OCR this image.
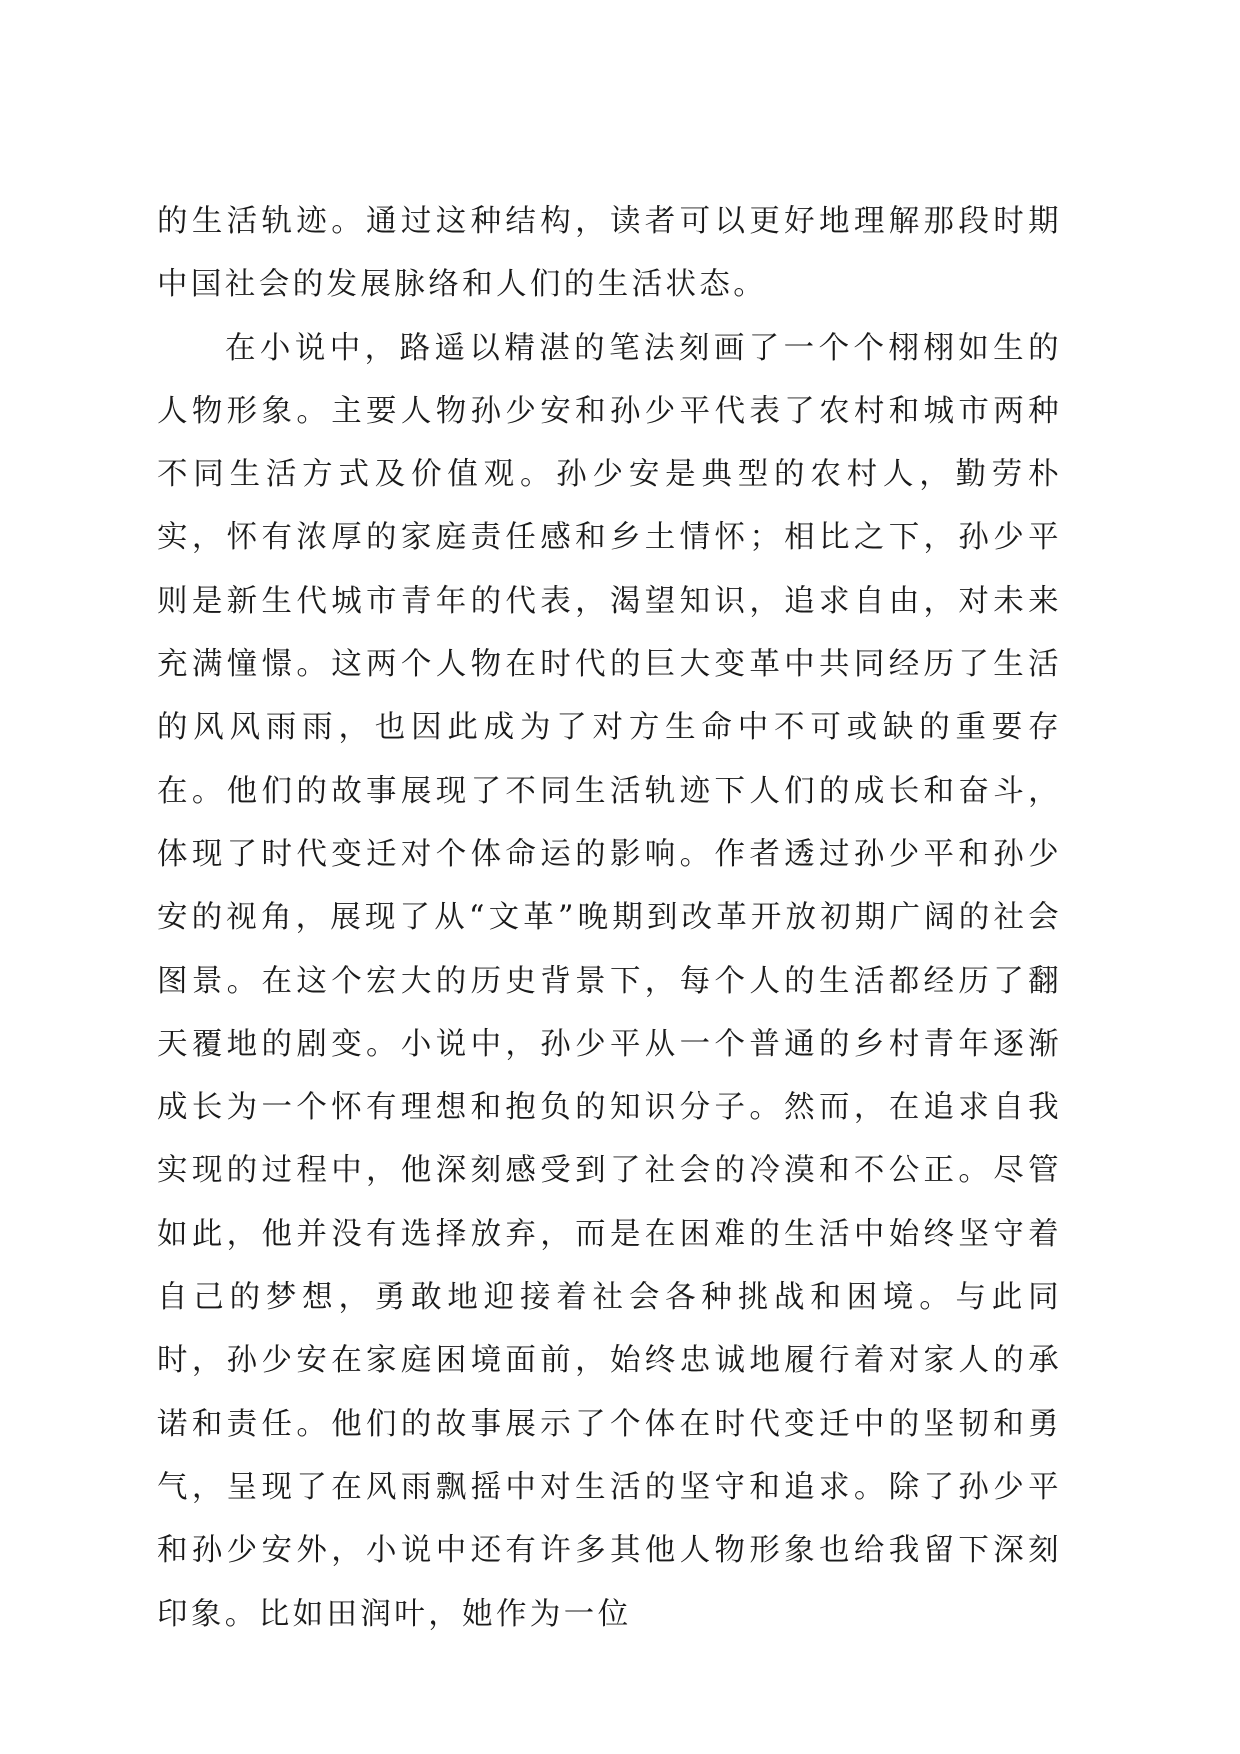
的生活轨迹。通过这种结构，读者可以更好地理解那段时期中国社会的发展脉络和人们的生活状态。

在小说中，路遥以精湛的笔法刻画了一个个栩栩如生的人物形象。主要人物孙少安和孙少平代表了农村和城市两种不同生活方式及价值观。孙少安是典型的农村人，勤劳朴实，怀有浓厚的家庭责任感和乡土情怀；相比之下，孙少平则是新生代城市青年的代表，渴望知识，追求自由，对未来充满憧憬。这两个人物在时代的巨大变革中共同经历了生活的风风雨雨，也因此成为了对方生命中不可或缺的重要存在。他们的故事展现了不同生活轨迹下人们的成长和奋斗，体现了时代变迁对个体命运的影响。作者透过孙少平和孙少安的视角，展现了从“文革”晚期到改革开放初期广阔的社会图景。在这个宏大的历史背景下，每个人的生活都经历了翻天覆地的剧变。小说中，孙少平从一个普通的乡村青年逐渐成长为一个怀有理想和抱负的知识分子。然而，在追求自我实现的过程中，他深刻感受到了社会的冷漠和不公正。尽管如此，他并没有选择放弃，而是在困难的生活中始终坚守着自己的梦想，勇敢地迎接着社会各种挑战和困境。与此同时，孙少安在家庭困境面前，始终忠诚地履行着对家人的承诺和责任。他们的故事展示了个体在时代变迁中的坚韧和勇气，呈现了在风雨飘摇中对生活的坚守和追求。除了孙少平和孙少安外，小说中还有许多其他人物形象也给我留下深刻印象。比如田润叶，她作为一位
